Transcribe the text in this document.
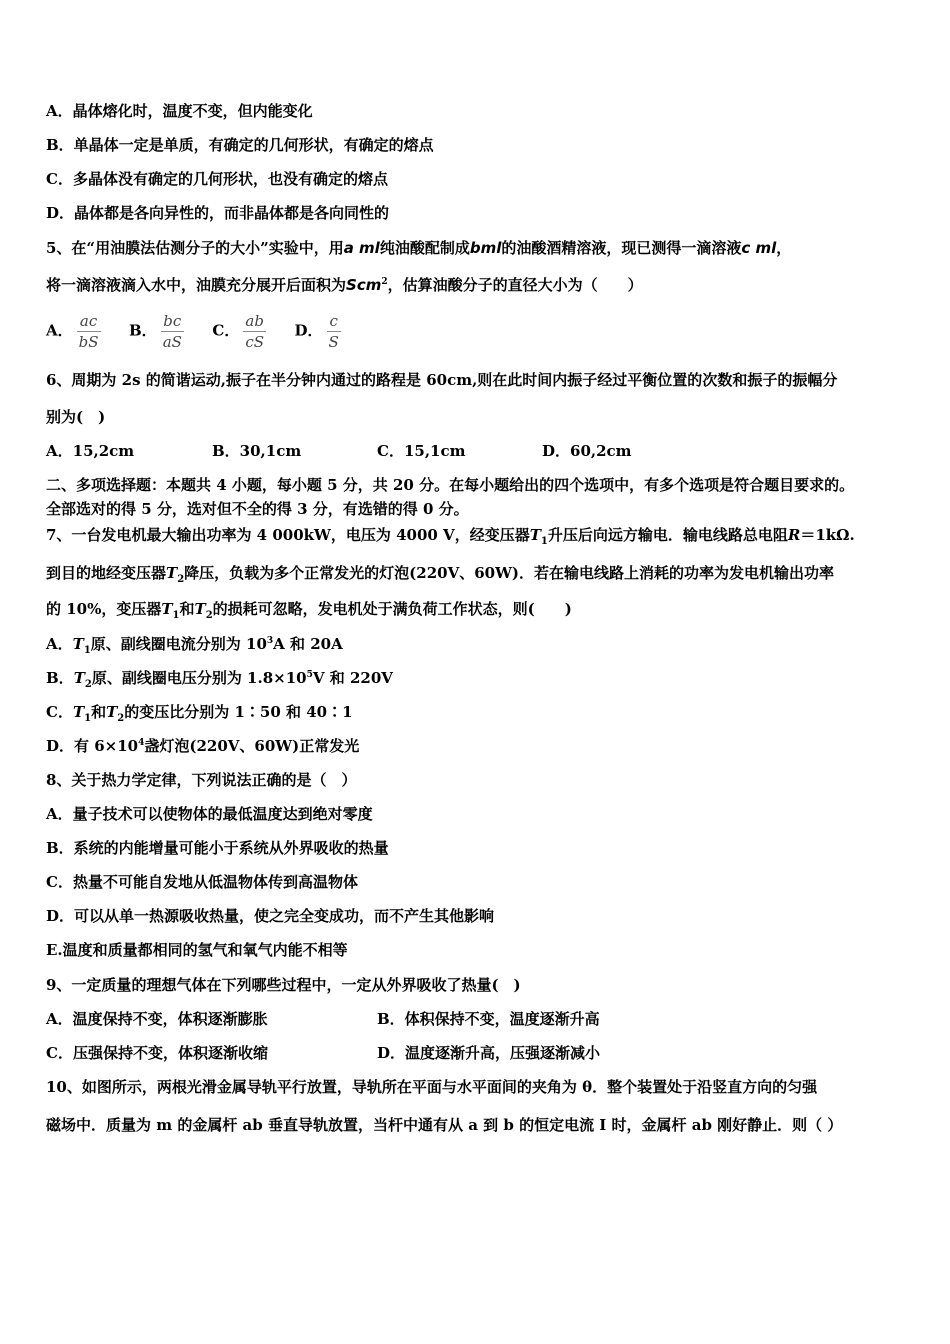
A．晶体熔化时，温度不变，但内能变化
B．单晶体一定是单质，有确定的几何形状，有确定的熔点
C．多晶体没有确定的几何形状，也没有确定的熔点
D．晶体都是各向异性的，而非晶体都是各向同性的
5、在“用油膜法估测分子的大小”实验中，用a ml纯油酸配制成bml的油酸酒精溶液，现已测得一滴溶液c ml，
将一滴溶液滴入水中，油膜充分展开后面积为Scm$^2$，估算油酸分子的直径大小为（　　）
A． $\frac{ac}{bS}$ B． $\frac{bc}{aS}$ C． $\frac{ab}{cS}$ D． $\frac{c}{S}$
6、周期为 2s 的简谐运动,振子在半分钟内通过的路程是 60cm,则在此时间内振子经过平衡位置的次数和振子的振幅分
别为(　)
A．15,2cm	B．30,1cm	C．15,1cm	D．60,2cm
二、多项选择题：本题共 4 小题，每小题 5 分，共 20 分。在每小题给出的四个选项中，有多个选项是符合题目要求的。
全部选对的得 5 分，选对但不全的得 3 分，有选错的得 0 分。
7、一台发电机最大输出功率为 4 000kW，电压为 4000 V，经变压器$T_1$升压后向远方输电．输电线路总电阻R＝1kΩ.
到目的地经变压器$T_2$降压，负载为多个正常发光的灯泡(220V、60W)．若在输电线路上消耗的功率为发电机输出功率
的 10%，变压器$T_1$和$T_2$的损耗可忽略，发电机处于满负荷工作状态，则(　　)
A．$T_1$原、副线圈电流分别为 $10^3A$ 和 20A
B．$T_2$原、副线圈电压分别为 $1.8\times 10^5V$ 和 220V
C．$T_1$和$T_2$的变压比分别为 1∶50 和 40∶1
D．有 $6\times 10^4$盏灯泡(220V、60W)正常发光
8、关于热力学定律，下列说法正确的是（　）
A．量子技术可以使物体的最低温度达到绝对零度
B．系统的内能增量可能小于系统从外界吸收的热量
C．热量不可能自发地从低温物体传到高温物体
D．可以从单一热源吸收热量，使之完全变成功，而不产生其他影响
E.温度和质量都相同的氢气和氧气内能不相等
9、一定质量的理想气体在下列哪些过程中，一定从外界吸收了热量(　)
A．温度保持不变，体积逐渐膨胀	B．体积保持不变，温度逐渐升高
C．压强保持不变，体积逐渐收缩	D．温度逐渐升高，压强逐渐减小
10、如图所示，两根光滑金属导轨平行放置，导轨所在平面与水平面间的夹角为 θ．整个装置处于沿竖直方向的匀强
磁场中．质量为 m 的金属杆 ab 垂直导轨放置，当杆中通有从 a 到 b 的恒定电流 I 时，金属杆 ab 刚好静止．则（ ）
